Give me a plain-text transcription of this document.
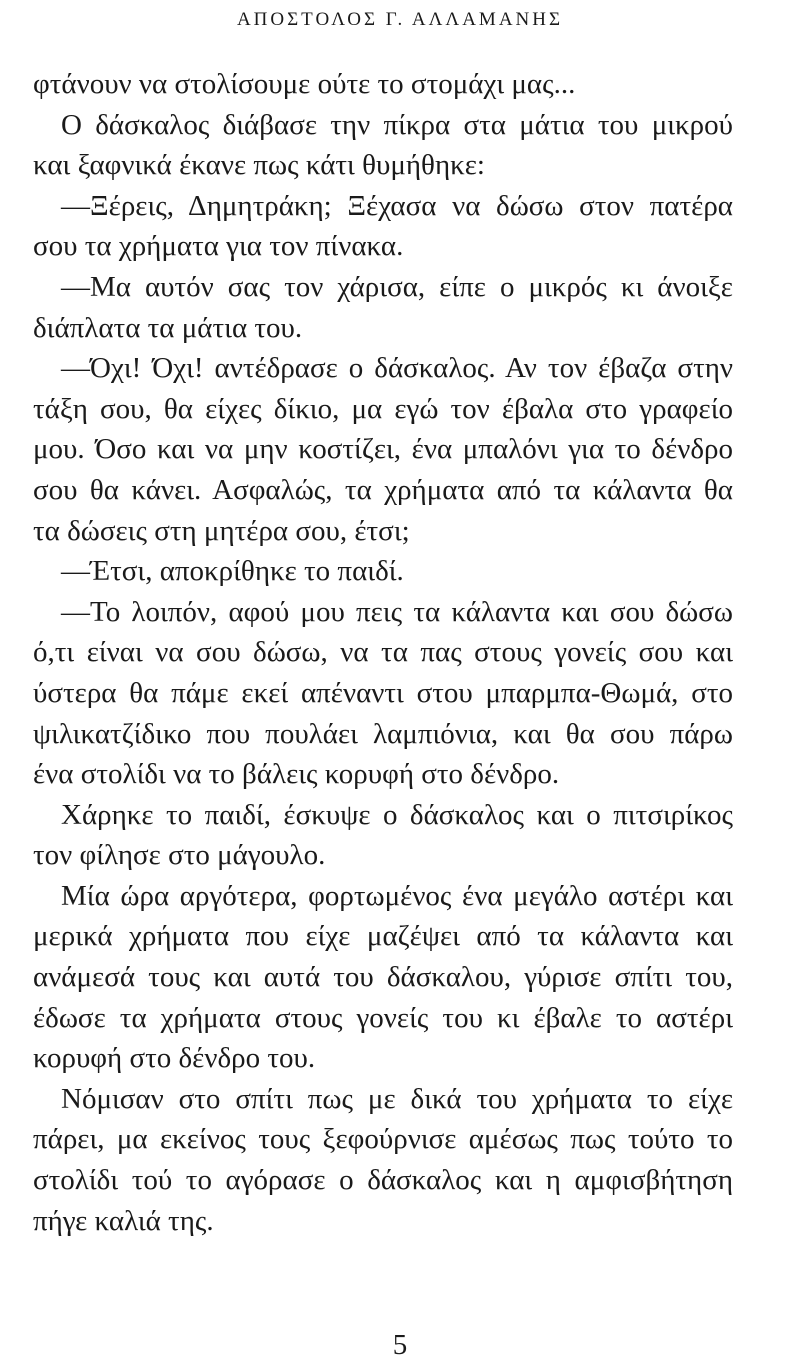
ΑΠΟΣΤΟΛΟΣ Γ. ΑΛΛΑΜΑΝΗΣ
φτάνουν να στολίσουμε ούτε το στομάχι μας...
Ο δάσκαλος διάβασε την πίκρα στα μάτια του μικρού
και ξαφνικά έκανε πως κάτι θυμήθηκε:
—Ξέρεις, Δημητράκη; Ξέχασα να δώσω στον πατέρα
σου τα χρήματα για τον πίνακα.
—Μα αυτόν σας τον χάρισα, είπε ο μικρός κι άνοιξε
διάπλατα τα μάτια του.
—Όχι! Όχι! αντέδρασε ο δάσκαλος. Αν τον έβαζα στην
τάξη σου, θα είχες δίκιο, μα εγώ τον έβαλα στο γραφείο
μου. Όσο και να μην κοστίζει, ένα μπαλόνι για το δένδρο
σου θα κάνει. Ασφαλώς, τα χρήματα από τα κάλαντα θα
τα δώσεις στη μητέρα σου, έτσι;
—Έτσι, αποκρίθηκε το παιδί.
—Το λοιπόν, αφού μου πεις τα κάλαντα και σου δώσω
ό,τι είναι να σου δώσω, να τα πας στους γονείς σου και
ύστερα θα πάμε εκεί απέναντι στου μπαρμπα-Θωμά, στο
ψιλικατζίδικο που πουλάει λαμπιόνια, και θα σου πάρω
ένα στολίδι να το βάλεις κορυφή στο δένδρο.
Χάρηκε το παιδί, έσκυψε ο δάσκαλος και ο πιτσιρίκος
τον φίλησε στο μάγουλο.
Μία ώρα αργότερα, φορτωμένος ένα μεγάλο αστέρι και
μερικά χρήματα που είχε μαζέψει από τα κάλαντα και
ανάμεσά τους και αυτά του δάσκαλου, γύρισε σπίτι του,
έδωσε τα χρήματα στους γονείς του κι έβαλε το αστέρι
κορυφή στο δένδρο του.
Νόμισαν στο σπίτι πως με δικά του χρήματα το είχε
πάρει, μα εκείνος τους ξεφούρνισε αμέσως πως τούτο το
στολίδι τού το αγόρασε ο δάσκαλος και η αμφισβήτηση
πήγε καλιά της.
5
